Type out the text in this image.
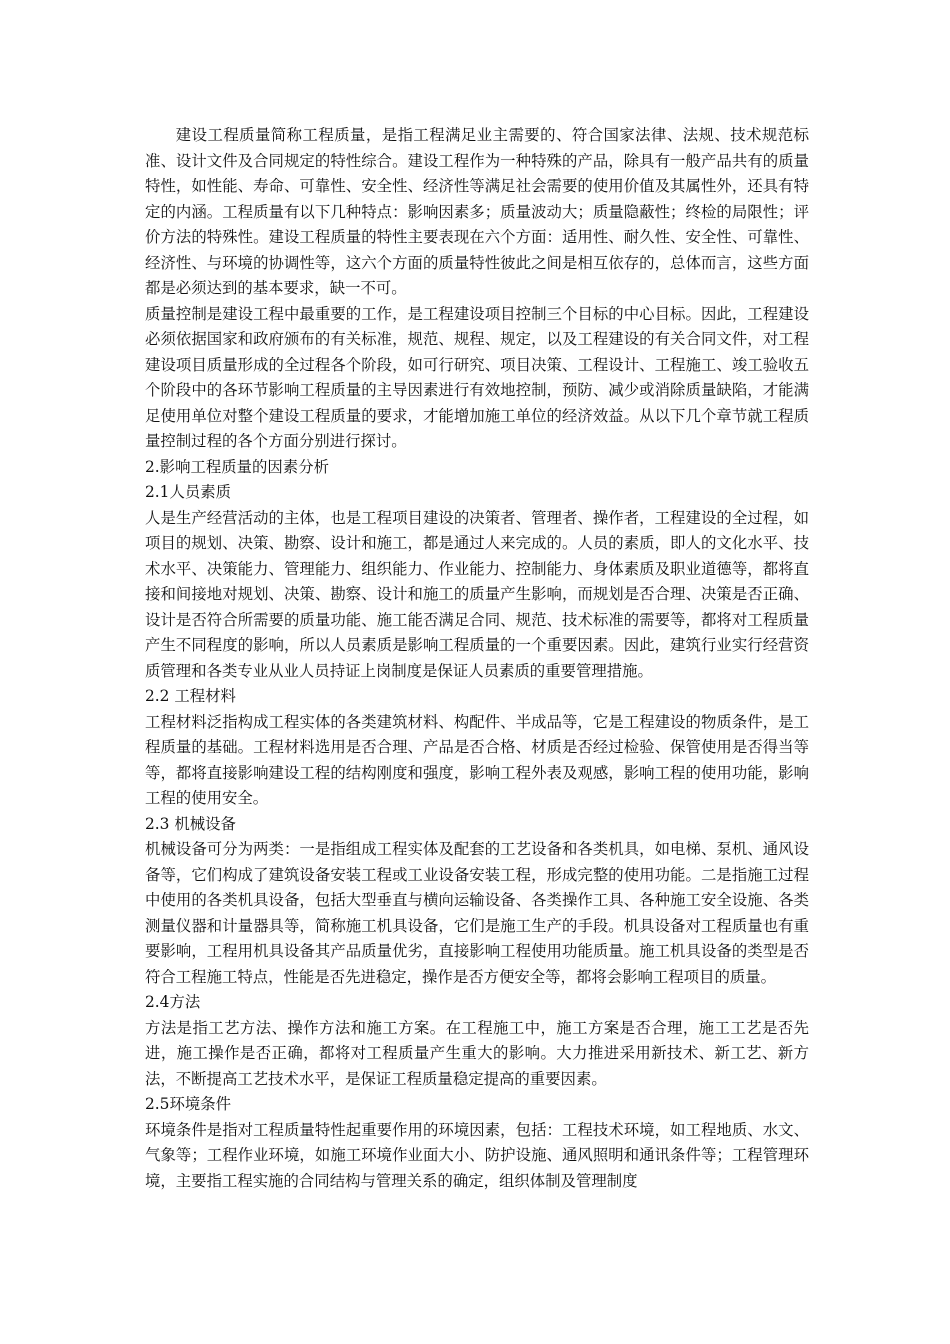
建设工程质量简称工程质量，是指工程满足业主需要的、符合国家法律、法规、技术规范标准、设计文件及合同规定的特性综合。建设工程作为一种特殊的产品，除具有一般产品共有的质量特性，如性能、寿命、可靠性、安全性、经济性等满足社会需要的使用价值及其属性外，还具有特定的内涵。工程质量有以下几种特点：影响因素多；质量波动大；质量隐蔽性；终检的局限性；评价方法的特殊性。建设工程质量的特性主要表现在六个方面：适用性、耐久性、安全性、可靠性、经济性、与环境的协调性等，这六个方面的质量特性彼此之间是相互依存的，总体而言，这些方面都是必须达到的基本要求，缺一不可。

质量控制是建设工程中最重要的工作，是工程建设项目控制三个目标的中心目标。因此，工程建设必须依据国家和政府颁布的有关标准，规范、规程、规定，以及工程建设的有关合同文件，对工程建设项目质量形成的全过程各个阶段，如可行研究、项目决策、工程设计、工程施工、竣工验收五个阶段中的各环节影响工程质量的主导因素进行有效地控制，预防、减少或消除质量缺陷，才能满足使用单位对整个建设工程质量的要求，才能增加施工单位的经济效益。从以下几个章节就工程质量控制过程的各个方面分别进行探讨。

2.影响工程质量的因素分析

2.1人员素质

人是生产经营活动的主体，也是工程项目建设的决策者、管理者、操作者，工程建设的全过程，如项目的规划、决策、勘察、设计和施工，都是通过人来完成的。人员的素质，即人的文化水平、技术水平、决策能力、管理能力、组织能力、作业能力、控制能力、身体素质及职业道德等，都将直接和间接地对规划、决策、勘察、设计和施工的质量产生影响，而规划是否合理、决策是否正确、设计是否符合所需要的质量功能、施工能否满足合同、规范、技术标准的需要等，都将对工程质量产生不同程度的影响，所以人员素质是影响工程质量的一个重要因素。因此，建筑行业实行经营资质管理和各类专业从业人员持证上岗制度是保证人员素质的重要管理措施。

2.2 工程材料

工程材料泛指构成工程实体的各类建筑材料、构配件、半成品等，它是工程建设的物质条件，是工程质量的基础。工程材料选用是否合理、产品是否合格、材质是否经过检验、保管使用是否得当等等，都将直接影响建设工程的结构刚度和强度，影响工程外表及观感，影响工程的使用功能，影响工程的使用安全。

2.3 机械设备

机械设备可分为两类：一是指组成工程实体及配套的工艺设备和各类机具，如电梯、泵机、通风设备等，它们构成了建筑设备安装工程或工业设备安装工程，形成完整的使用功能。二是指施工过程中使用的各类机具设备，包括大型垂直与横向运输设备、各类操作工具、各种施工安全设施、各类测量仪器和计量器具等，简称施工机具设备，它们是施工生产的手段。机具设备对工程质量也有重要影响，工程用机具设备其产品质量优劣，直接影响工程使用功能质量。施工机具设备的类型是否符合工程施工特点，性能是否先进稳定，操作是否方便安全等，都将会影响工程项目的质量。

2.4方法

方法是指工艺方法、操作方法和施工方案。在工程施工中，施工方案是否合理，施工工艺是否先进，施工操作是否正确，都将对工程质量产生重大的影响。大力推进采用新技术、新工艺、新方法，不断提高工艺技术水平，是保证工程质量稳定提高的重要因素。

2.5环境条件

环境条件是指对工程质量特性起重要作用的环境因素，包括：工程技术环境，如工程地质、水文、气象等；工程作业环境，如施工环境作业面大小、防护设施、通风照明和通讯条件等；工程管理环境，主要指工程实施的合同结构与管理关系的确定，组织体制及管理制度
